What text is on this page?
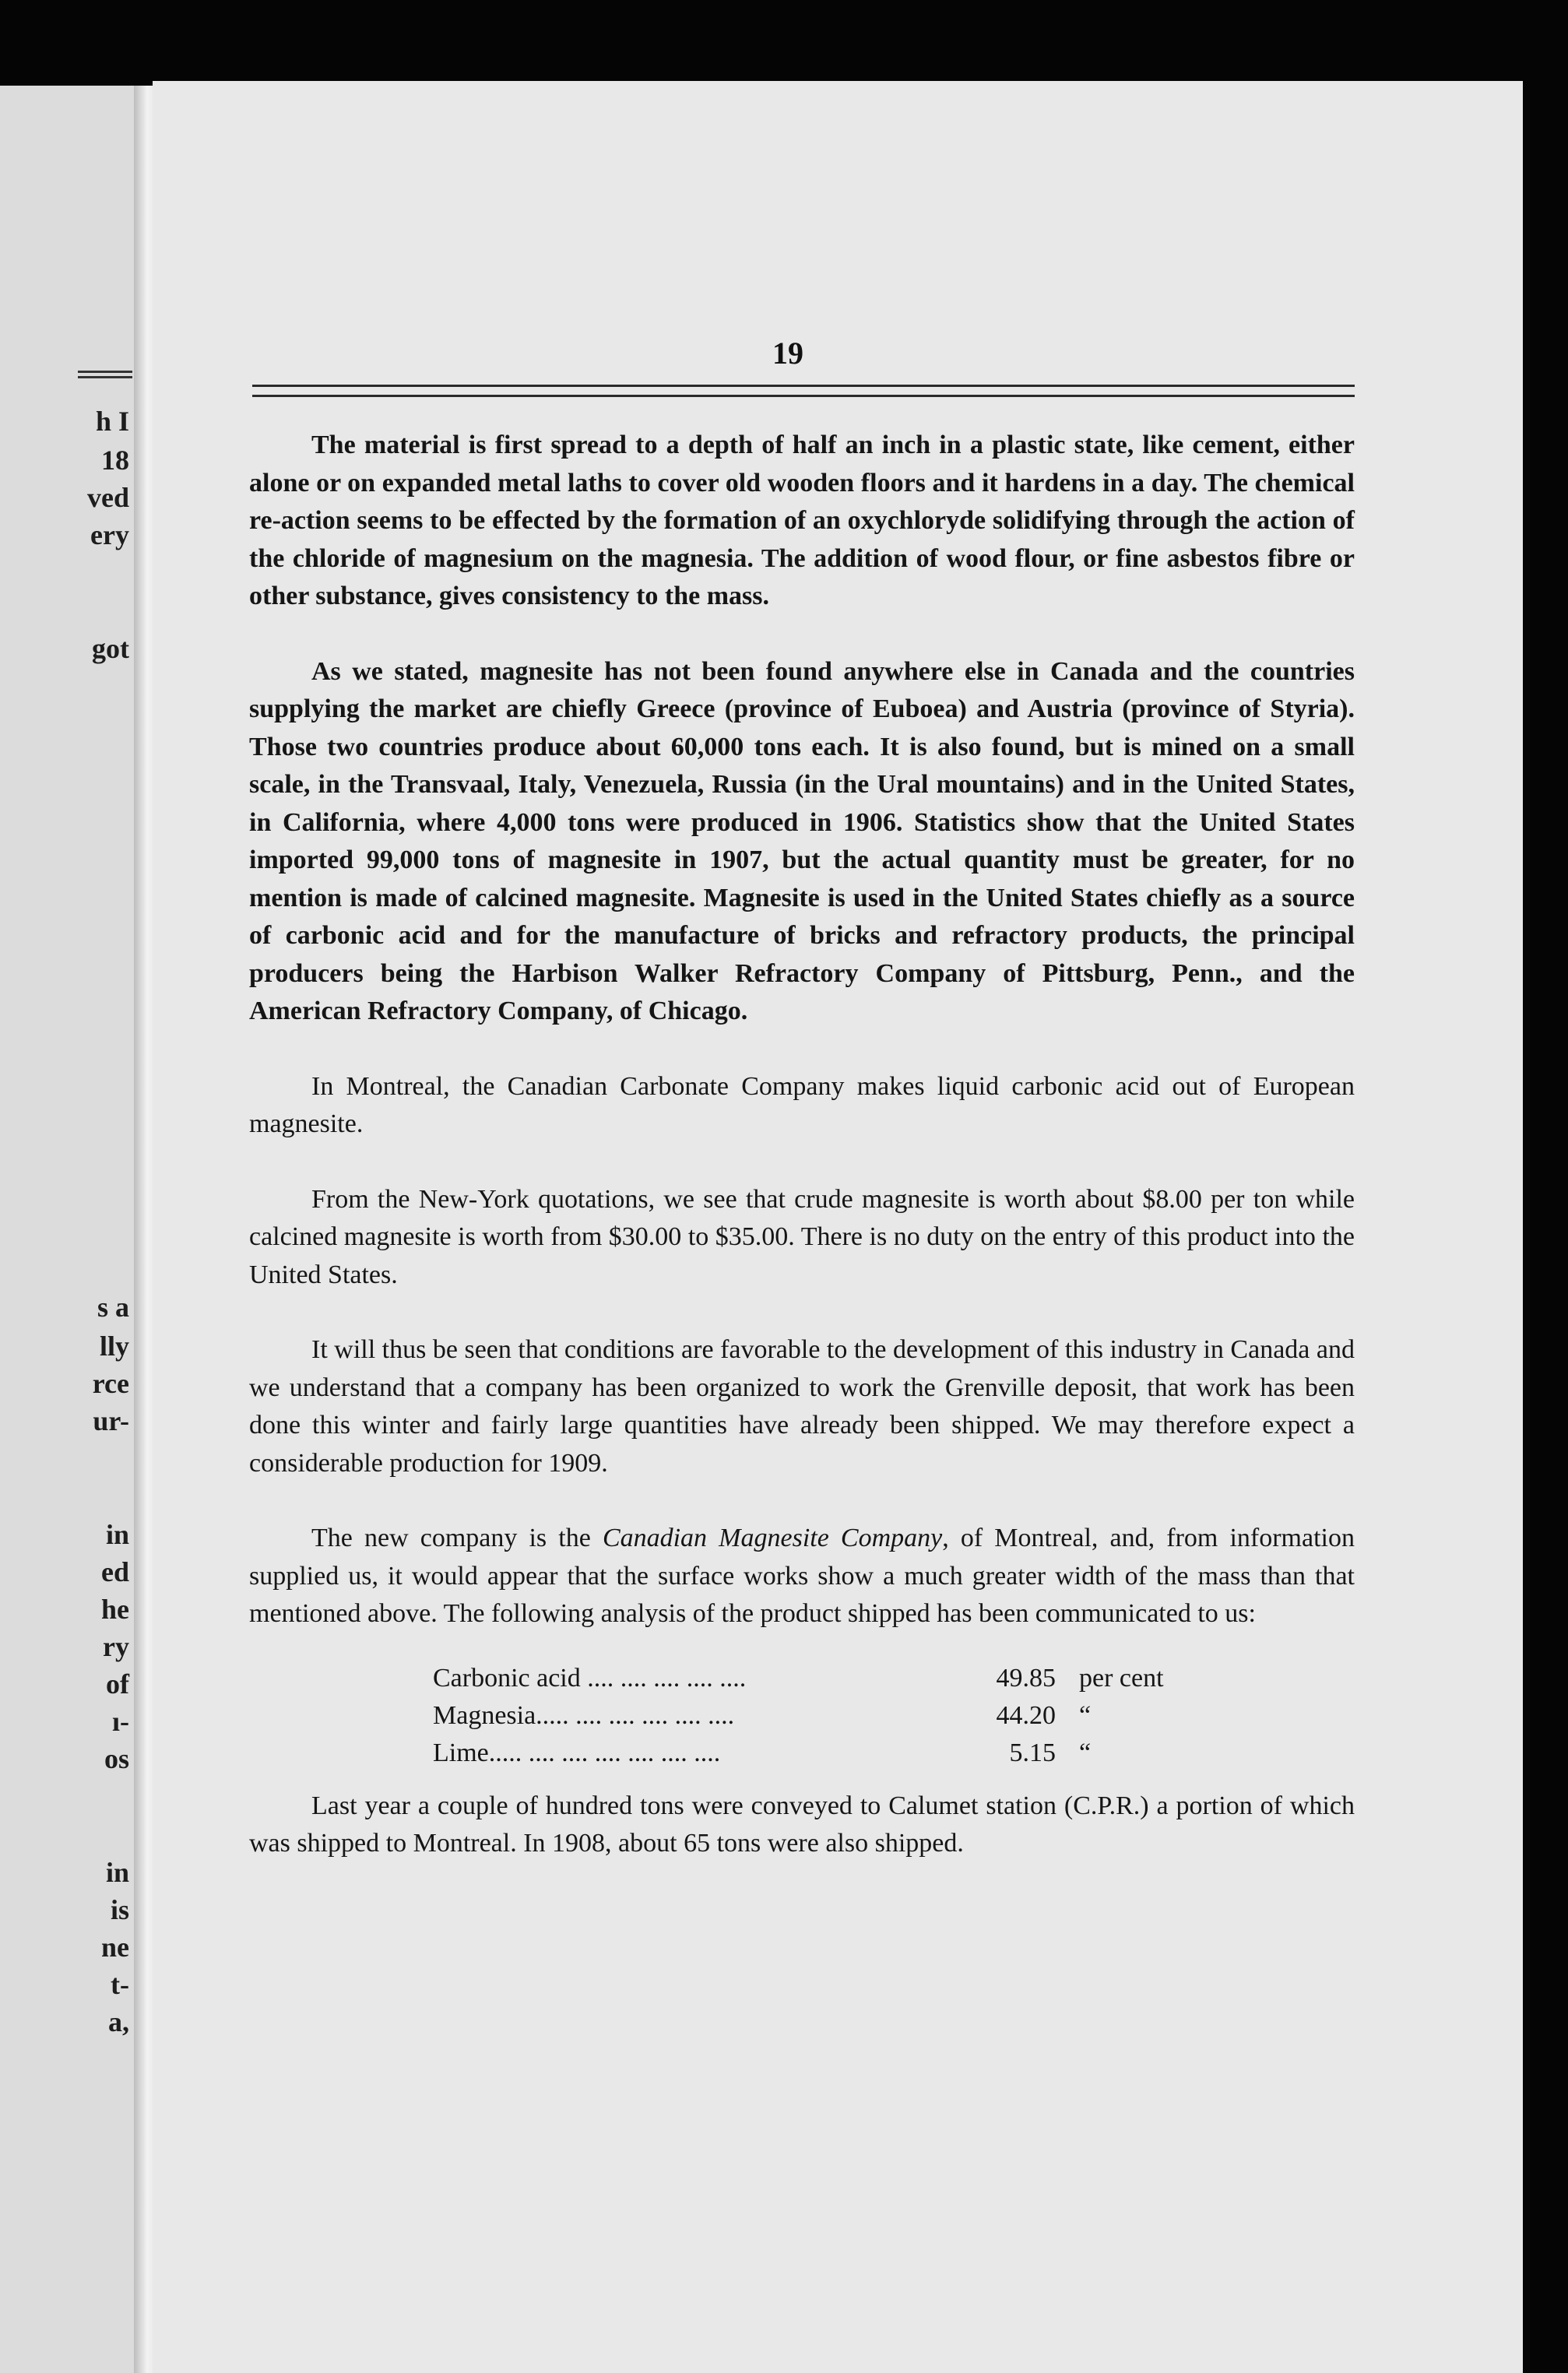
h I
18
ved
ery
got
s a
lly
rce
ur-
in
ed
he
ry
of
ı-
os
in
is
ne
t-
a,
19

The material is first spread to a depth of half an inch in a plastic state, like cement, either alone or on expanded metal laths to cover old wooden floors and it hardens in a day. The chemical re-action seems to be effected by the formation of an oxychloryde solidifying through the action of the chloride of magnesium on the magnesia. The addition of wood flour, or fine asbestos fibre or other substance, gives consistency to the mass.

As we stated, magnesite has not been found anywhere else in Canada and the countries supplying the market are chiefly Greece (province of Euboea) and Austria (province of Styria). Those two countries produce about 60,000 tons each. It is also found, but is mined on a small scale, in the Transvaal, Italy, Venezuela, Russia (in the Ural mountains) and in the United States, in California, where 4,000 tons were produced in 1906. Statistics show that the United States imported 99,000 tons of magnesite in 1907, but the actual quantity must be greater, for no mention is made of calcined magnesite. Magnesite is used in the United States chiefly as a source of carbonic acid and for the manufacture of bricks and refractory products, the principal producers being the Harbison Walker Refractory Company of Pittsburg, Penn., and the American Refractory Company, of Chicago.

In Montreal, the Canadian Carbonate Company makes liquid carbonic acid out of European magnesite.

From the New-York quotations, we see that crude magnesite is worth about $8.00 per ton while calcined magnesite is worth from $30.00 to $35.00. There is no duty on the entry of this product into the United States.

It will thus be seen that conditions are favorable to the development of this industry in Canada and we understand that a company has been organized to work the Grenville deposit, that work has been done this winter and fairly large quantities have already been shipped. We may therefore expect a considerable production for 1909.

The new company is the Canadian Magnesite Company, of Montreal, and, from information supplied us, it would appear that the surface works show a much greater width of the mass than that mentioned above. The following analysis of the product shipped has been communicated to us:

Carbonic acid .... .... .... .... ....	49.85	per cent
Magnesia..... .... .... .... .... ....	44.20	“
Lime..... .... .... .... .... .... ....	5.15	“

Last year a couple of hundred tons were conveyed to Calumet station (C.P.R.) a portion of which was shipped to Montreal. In 1908, about 65 tons were also shipped.
